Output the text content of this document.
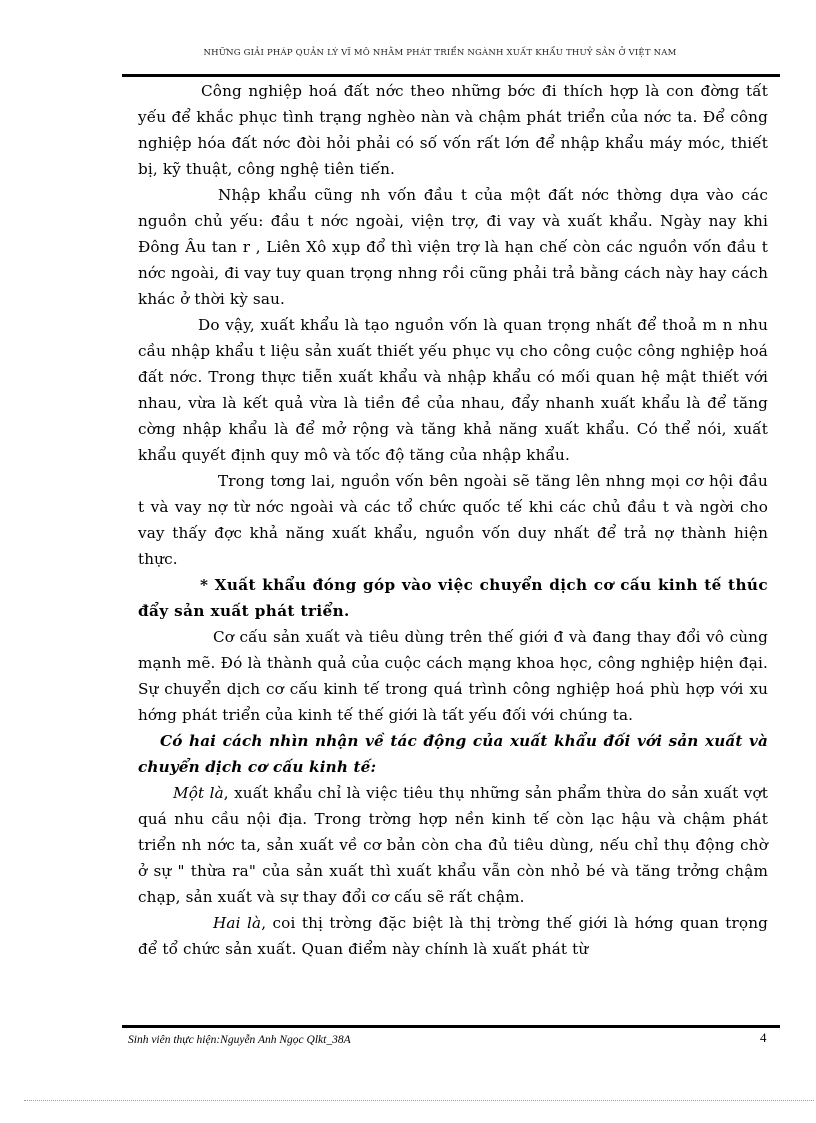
NHỮNG GIẢI PHÁP QUẢN LÝ VĨ MÔ NHẰM PHÁT TRIỂN NGÀNH XUẤT KHẨU THUỶ SẢN Ở VIỆT NAM

Công nghiệp hoá đất nớc theo những bớc đi thích hợp là con đờng tất yếu để khắc phục tình trạng nghèo nàn và chậm phát triển của nớc ta. Để công nghiệp hóa đất nớc đòi hỏi phải có số vốn rất lớn để nhập khẩu máy móc, thiết bị, kỹ thuật, công nghệ tiên tiến.

Nhập khẩu cũng nh vốn đầu t của một đất nớc thờng dựa vào các nguồn chủ yếu: đầu t nớc ngoài, viện trợ, đi vay và xuất khẩu. Ngày nay khi Đông Âu tan r , Liên Xô xụp đổ thì viện trợ là hạn chế còn các nguồn vốn đầu t nớc ngoài, đi vay tuy quan trọng nhng rồi cũng phải trả bằng cách này hay cách khác ở thời kỳ sau.

Do vậy, xuất khẩu là tạo nguồn vốn là quan trọng nhất để thoả m n nhu cầu nhập khẩu t liệu sản xuất thiết yếu phục vụ cho công cuộc công nghiệp hoá đất nớc. Trong thực tiễn xuất khẩu và nhập khẩu có mối quan hệ mật thiết với nhau, vừa là kết quả vừa là tiền đề của nhau, đẩy nhanh xuất khẩu là để tăng cờng nhập khẩu là để mở rộng và tăng khả năng xuất khẩu. Có thể nói, xuất khẩu quyết định quy mô và tốc độ tăng của nhập khẩu.

Trong tơng lai, nguồn vốn bên ngoài sẽ tăng lên nhng mọi cơ hội đầu t và vay nợ từ nớc ngoài và các tổ chức quốc tế khi các chủ đầu t và ngời cho vay thấy đợc khả năng xuất khẩu, nguồn vốn duy nhất để trả nợ thành hiện thực.

* Xuất khẩu đóng góp vào việc chuyển dịch cơ cấu kinh tế thúc đẩy sản xuất phát triển.

Cơ cấu sản xuất và tiêu dùng trên thế giới đ và đang thay đổi vô cùng mạnh mẽ. Đó là thành quả của cuộc cách mạng khoa học, công nghiệp hiện đại. Sự chuyển dịch cơ cấu kinh tế trong quá trình công nghiệp hoá phù hợp với xu hớng phát triển của kinh tế thế giới là tất yếu đối với chúng ta.

Có hai cách nhìn nhận về tác động của xuất khẩu đối với sản xuất và chuyển dịch cơ cấu kinh tế:

Một là, xuất khẩu chỉ là việc tiêu thụ những sản phẩm thừa do sản xuất vợt quá nhu cầu nội địa. Trong trờng hợp nền kinh tế còn lạc hậu và chậm phát triển nh nớc ta, sản xuất về cơ bản còn cha đủ tiêu dùng, nếu chỉ thụ động chờ ở sự " thừa ra" của sản xuất thì xuất khẩu vẫn còn nhỏ bé và tăng trởng chậm chạp, sản xuất và sự thay đổi cơ cấu sẽ rất chậm.

Hai là, coi thị trờng đặc biệt là thị trờng thế giới là hớng quan trọng để tổ chức sản xuất. Quan điểm này chính là xuất phát từ

Sinh viên thực hiện:Nguyễn Anh Ngọc Qlkt_38A	4
